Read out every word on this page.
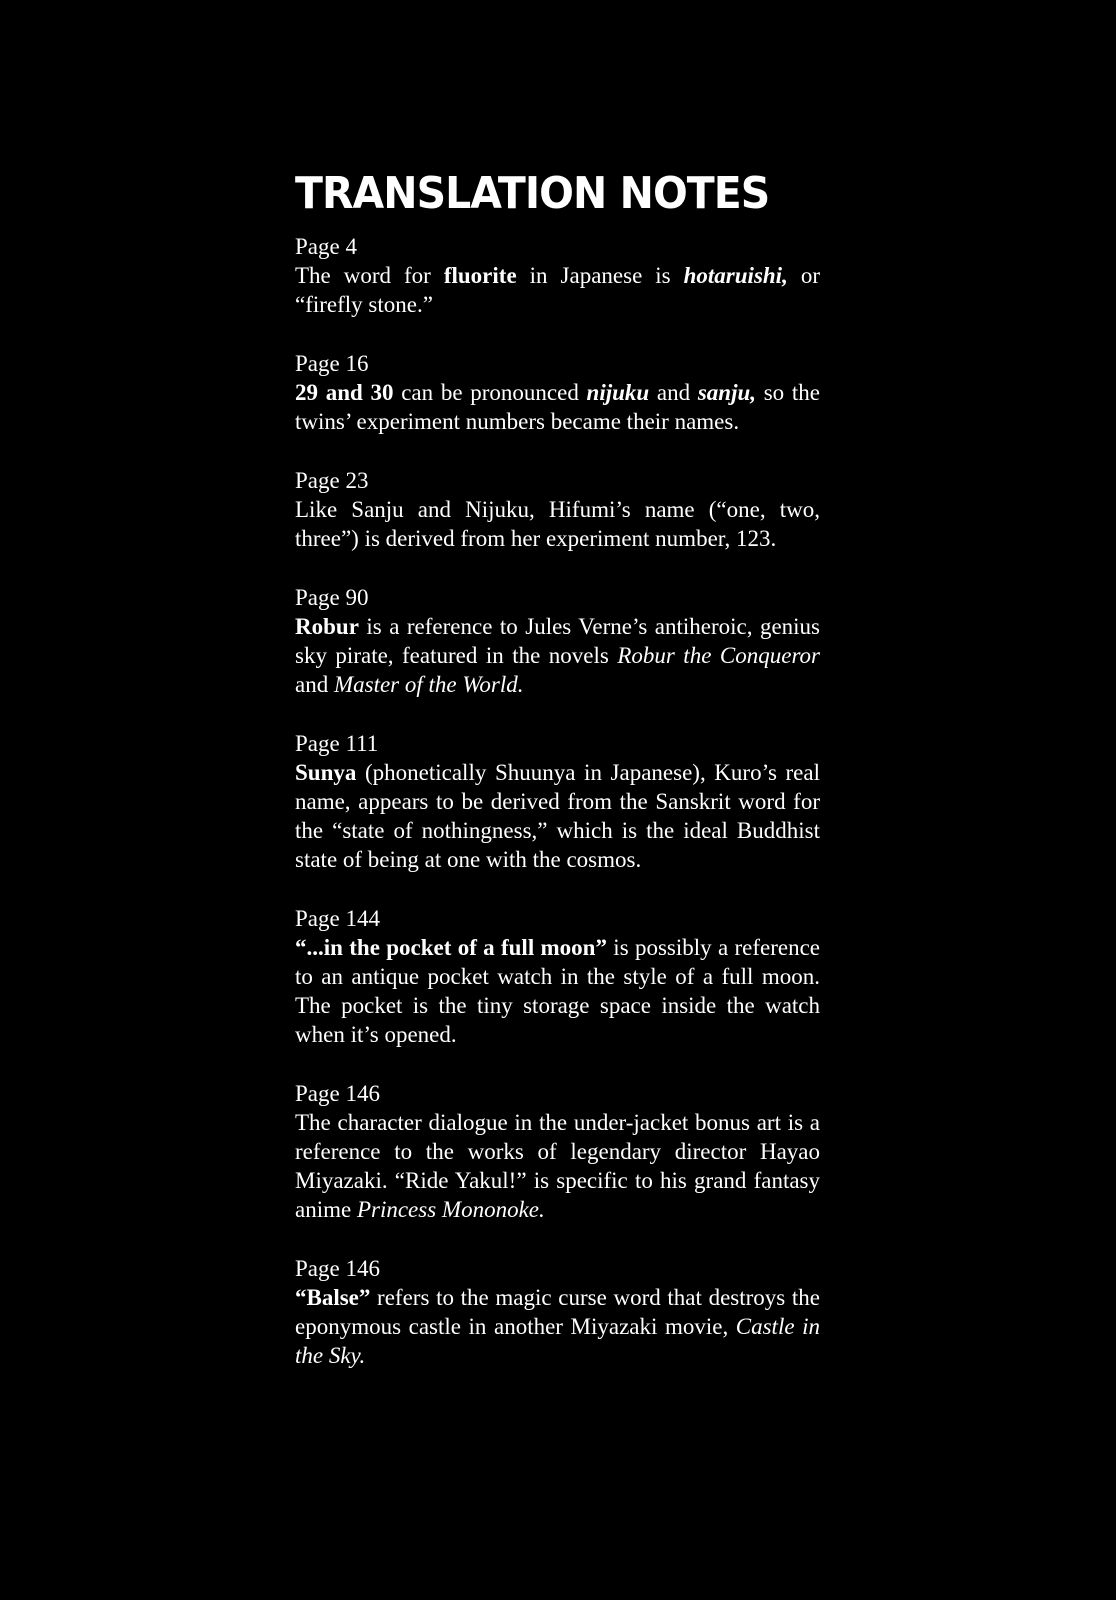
TRANSLATION NOTES

Page 4

The word for fluorite in Japanese is hotaruishi, or “firefly stone.”

Page 16

29 and 30 can be pronounced nijuku and sanju, so the twins’ experiment numbers became their names.

Page 23

Like Sanju and Nijuku, Hifumi’s name (“one, two, three”) is derived from her experiment number, 123.

Page 90

Robur is a reference to Jules Verne’s antiheroic, genius sky pirate, featured in the novels Robur the Conqueror and Master of the World.

Page 111

Sunya (phonetically Shuunya in Japanese), Kuro’s real name, appears to be derived from the Sanskrit word for the “state of nothingness,” which is the ideal Buddhist state of being at one with the cosmos.

Page 144

“...in the pocket of a full moon” is possibly a reference to an antique pocket watch in the style of a full moon. The pocket is the tiny storage space inside the watch when it’s opened.

Page 146

The character dialogue in the under-jacket bonus art is a reference to the works of legendary director Hayao Miyazaki. “Ride Yakul!” is specific to his grand fantasy anime Princess Mononoke.

Page 146

“Balse” refers to the magic curse word that destroys the eponymous castle in another Miyazaki movie, Castle in the Sky.
